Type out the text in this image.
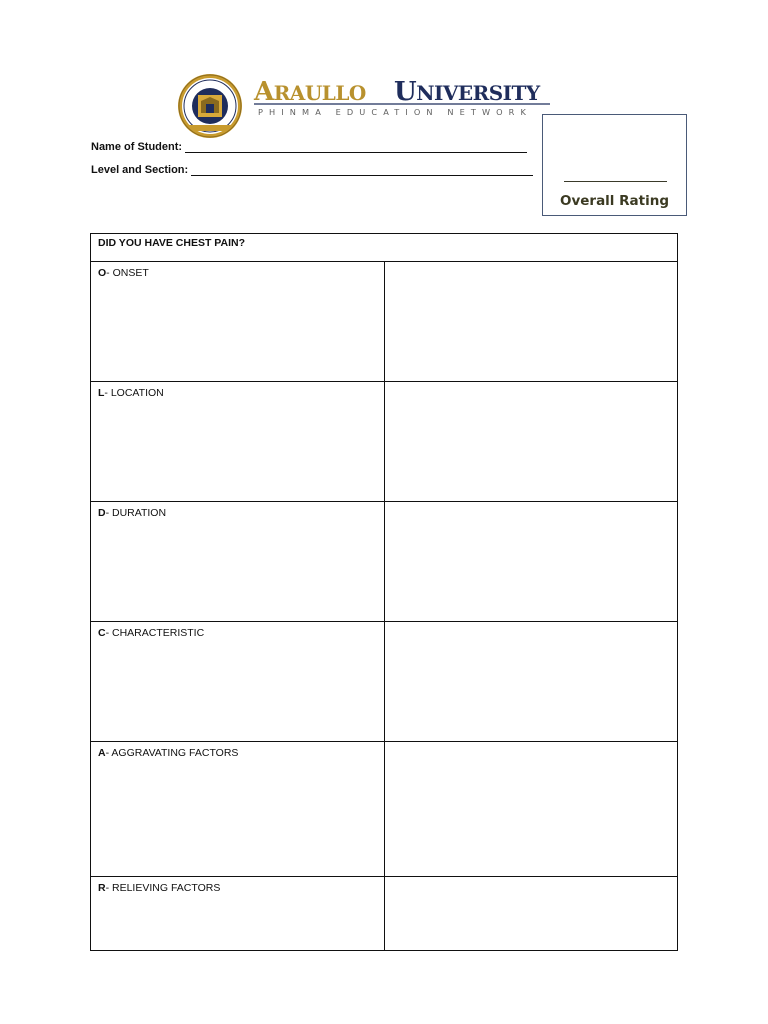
ARAULLO UNIVERSITY
PHINMA EDUCATION NETWORK
Name of Student:
Level and Section:
Overall Rating
DID YOU HAVE CHEST PAIN?	
O- ONSET	
L- LOCATION	
D- DURATION	
C- CHARACTERISTIC	
A- AGGRAVATING FACTORS	
R- RELIEVING FACTORS	
